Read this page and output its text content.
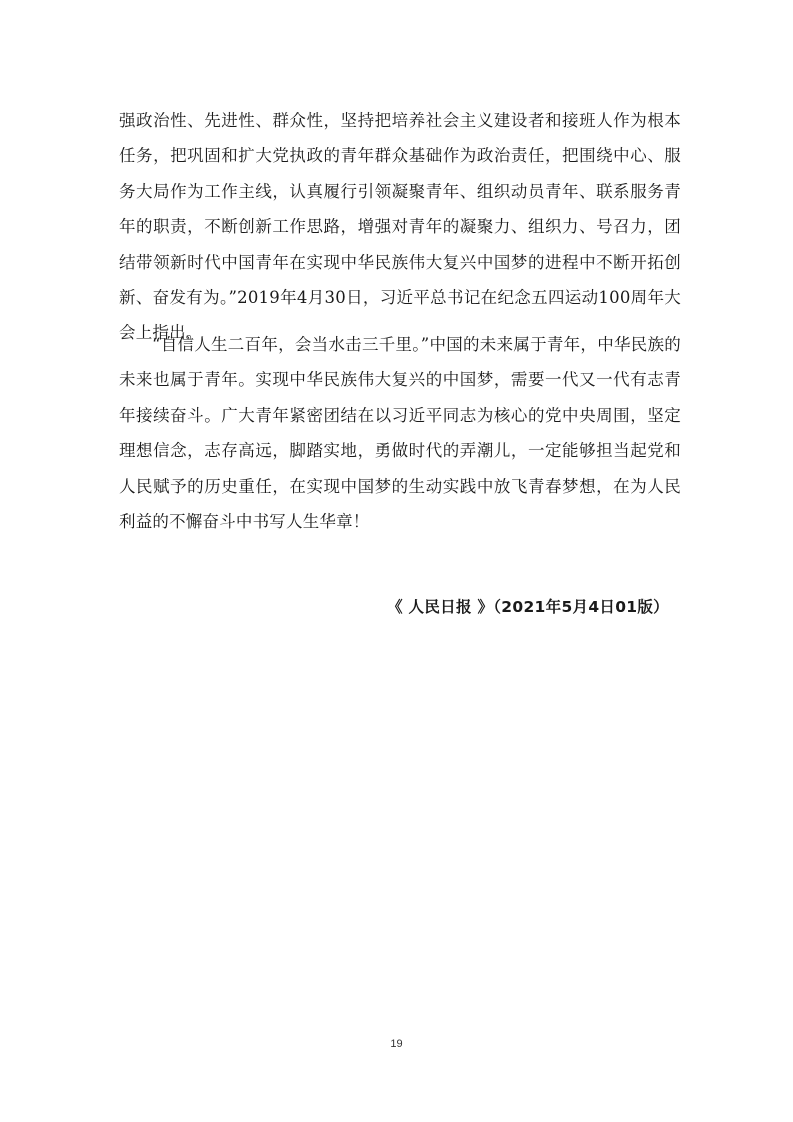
强政治性、先进性、群众性，坚持把培养社会主义建设者和接班人作为根本任务，把巩固和扩大党执政的青年群众基础作为政治责任，把围绕中心、服务大局作为工作主线，认真履行引领凝聚青年、组织动员青年、联系服务青年的职责，不断创新工作思路，增强对青年的凝聚力、组织力、号召力，团结带领新时代中国青年在实现中华民族伟大复兴中国梦的进程中不断开拓创新、奋发有为。”2019年4月30日，习近平总书记在纪念五四运动100周年大会上指出。
“自信人生二百年，会当水击三千里。”中国的未来属于青年，中华民族的未来也属于青年。实现中华民族伟大复兴的中国梦，需要一代又一代有志青年接续奋斗。广大青年紧密团结在以习近平同志为核心的党中央周围，坚定理想信念，志存高远，脚踏实地，勇做时代的弄潮儿，一定能够担当起党和人民赋予的历史重任，在实现中国梦的生动实践中放飞青春梦想，在为人民利益的不懈奋斗中书写人生华章！
《 人民日报 》（2021年5月4日01版）
19
